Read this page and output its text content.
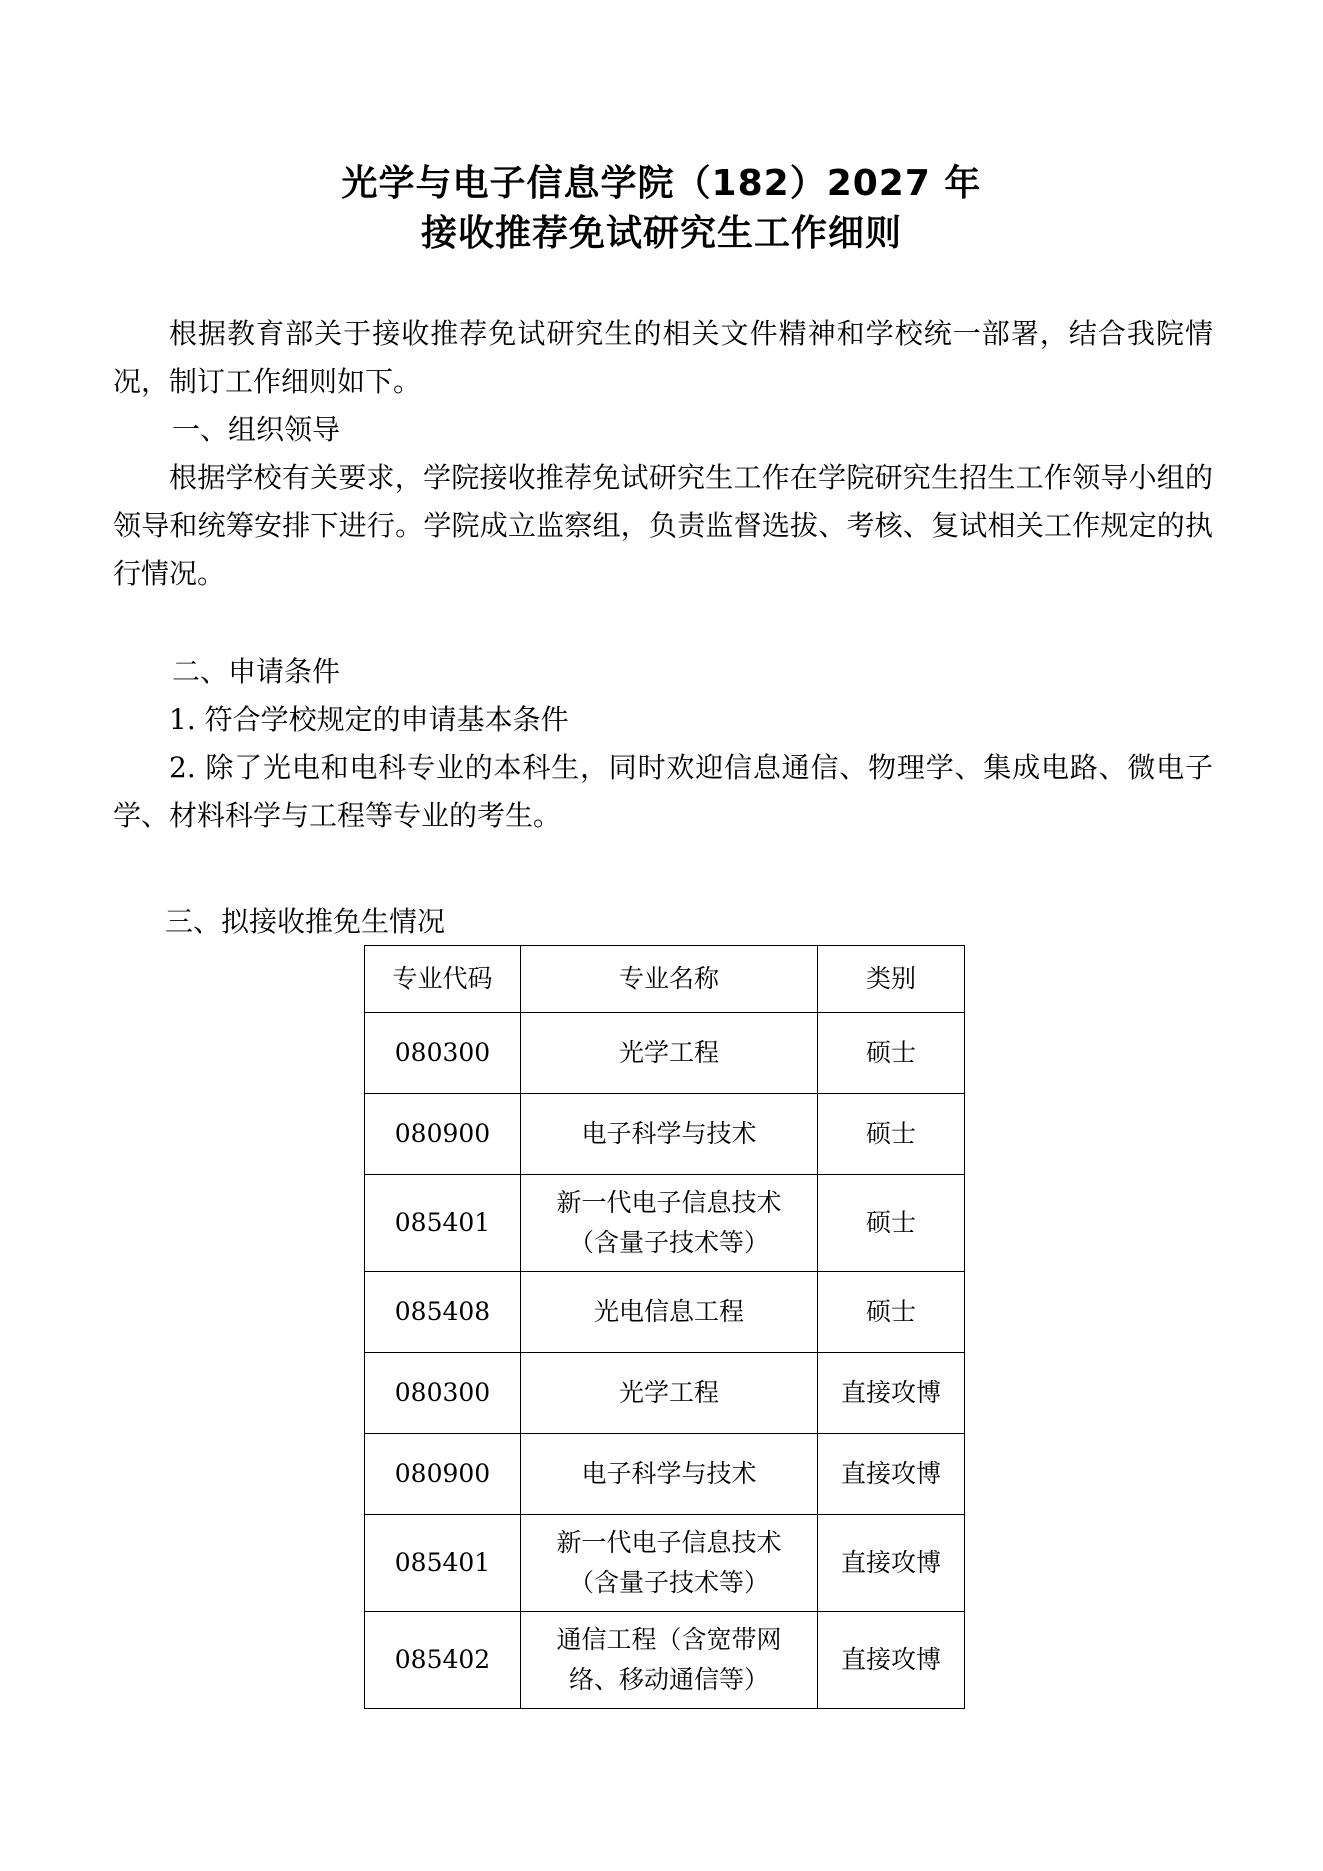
光学与电子信息学院（182）2027 年
接收推荐免试研究生工作细则
根据教育部关于接收推荐免试研究生的相关文件精神和学校统一部署，结合我院情况，制订工作细则如下。
一、组织领导
根据学校有关要求，学院接收推荐免试研究生工作在学院研究生招生工作领导小组的领导和统筹安排下进行。学院成立监察组，负责监督选拔、考核、复试相关工作规定的执行情况。
二、申请条件
1. 符合学校规定的申请基本条件
2. 除了光电和电科专业的本科生，同时欢迎信息通信、物理学、集成电路、微电子学、材料科学与工程等专业的考生。
三、拟接收推免生情况
专业代码	专业名称	类别
080300	光学工程	硕士
080900	电子科学与技术	硕士
085401	新一代电子信息技术
（含量子技术等）	硕士
085408	光电信息工程	硕士
080300	光学工程	直接攻博
080900	电子科学与技术	直接攻博
085401	新一代电子信息技术
（含量子技术等）	直接攻博
085402	通信工程（含宽带网
络、移动通信等）	直接攻博
